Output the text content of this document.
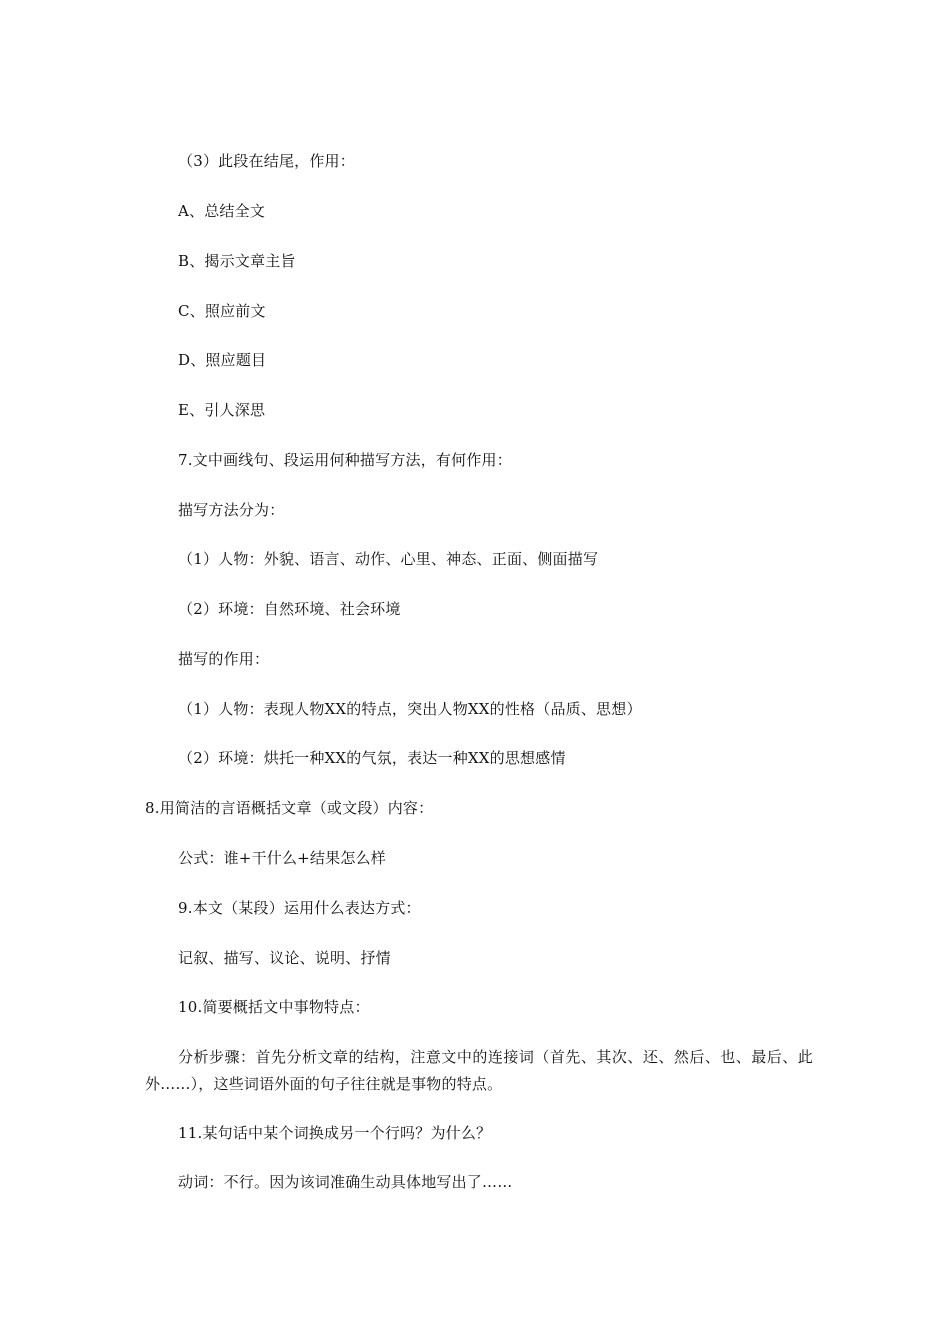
（3）此段在结尾，作用：
A、总结全文
B、揭示文章主旨
C、照应前文
D、照应题目
E、引人深思
7.文中画线句、段运用何种描写方法，有何作用：
描写方法分为：
（1）人物：外貌、语言、动作、心里、神态、正面、侧面描写
（2）环境：自然环境、社会环境
描写的作用：
（1）人物：表现人物XX的特点，突出人物XX的性格（品质、思想）
（2）环境：烘托一种XX的气氛，表达一种XX的思想感情
8.用简洁的言语概括文章（或文段）内容：
公式：谁+干什么+结果怎么样
9.本文（某段）运用什么表达方式：
记叙、描写、议论、说明、抒情
10.简要概括文中事物特点：
分析步骤：首先分析文章的结构，注意文中的连接词（首先、其次、还、然后、也、最后、此外……），这些词语外面的句子往往就是事物的特点。
11.某句话中某个词换成另一个行吗？为什么？
动词：不行。因为该词准确生动具体地写出了……
